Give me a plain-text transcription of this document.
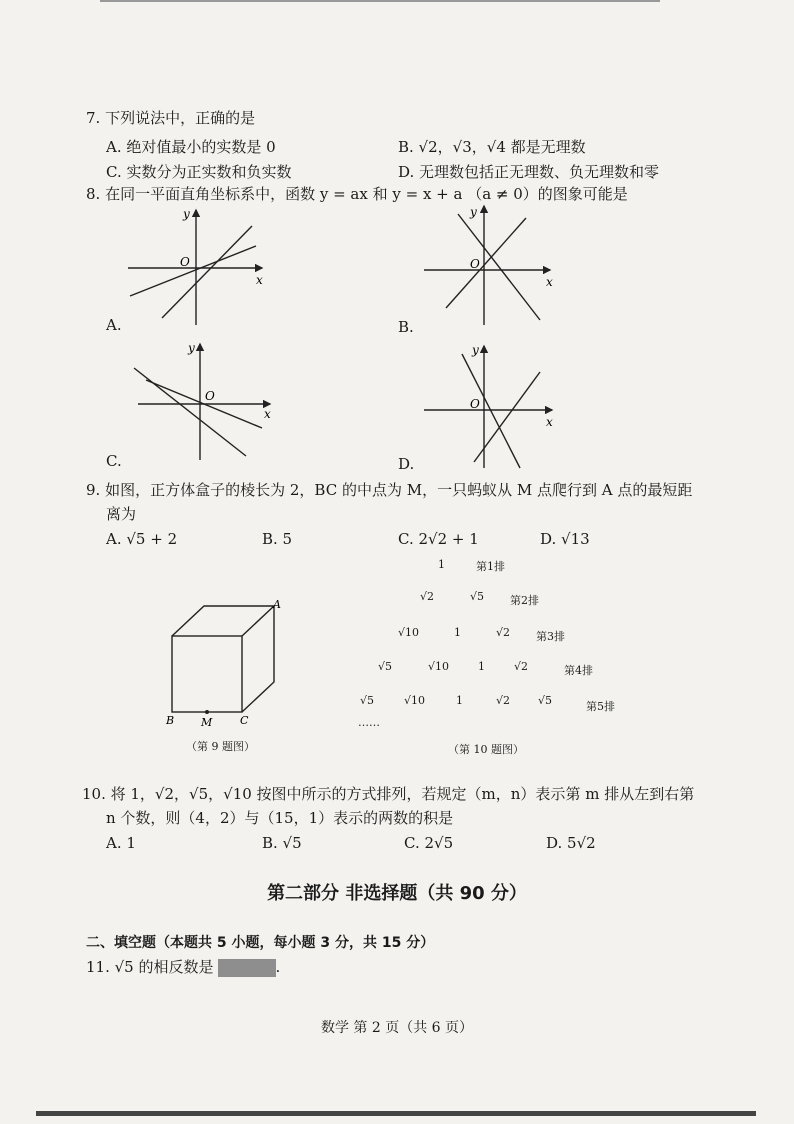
7. 下列说法中，正确的是
A. 绝对值最小的实数是 0	B. √2，√3，√4 都是无理数
C. 实数分为正实数和负实数	D. 无理数包括正无理数、负无理数和零
8. 在同一平面直角坐标系中，函数 y = ax 和 y = x + a （a ≠ 0）的图象可能是
y
x
O
y
x
O
y
x
O
y
x
O
A.	B.
C.	D.
9. 如图，正方体盒子的棱长为 2，BC 的中点为 M，一只蚂蚁从 M 点爬行到 A 点的最短距
离为
A. √5 + 2	B. 5	C. 2√2 + 1	D. √13
A
B M	C
（第 9 题图）
1	第1排
√2	√5 第2排
√10	1	√2 第3排
√5	√10	1	√2	第4排
√5	√10	1	√2	√5	第5排
……
（第 10 题图）
10. 将 1，√2，√5，√10 按图中所示的方式排列，若规定（m，n）表示第 m 排从左到右第
n 个数，则（4，2）与（15，1）表示的两数的积是
A. 1	B. √5	C. 2√5	D. 5√2
第二部分 非选择题（共 90 分）
二、填空题（本题共 5 小题，每小题 3 分，共 15 分）
11. √5 的相反数是	.
数学 第 2 页（共 6 页）
